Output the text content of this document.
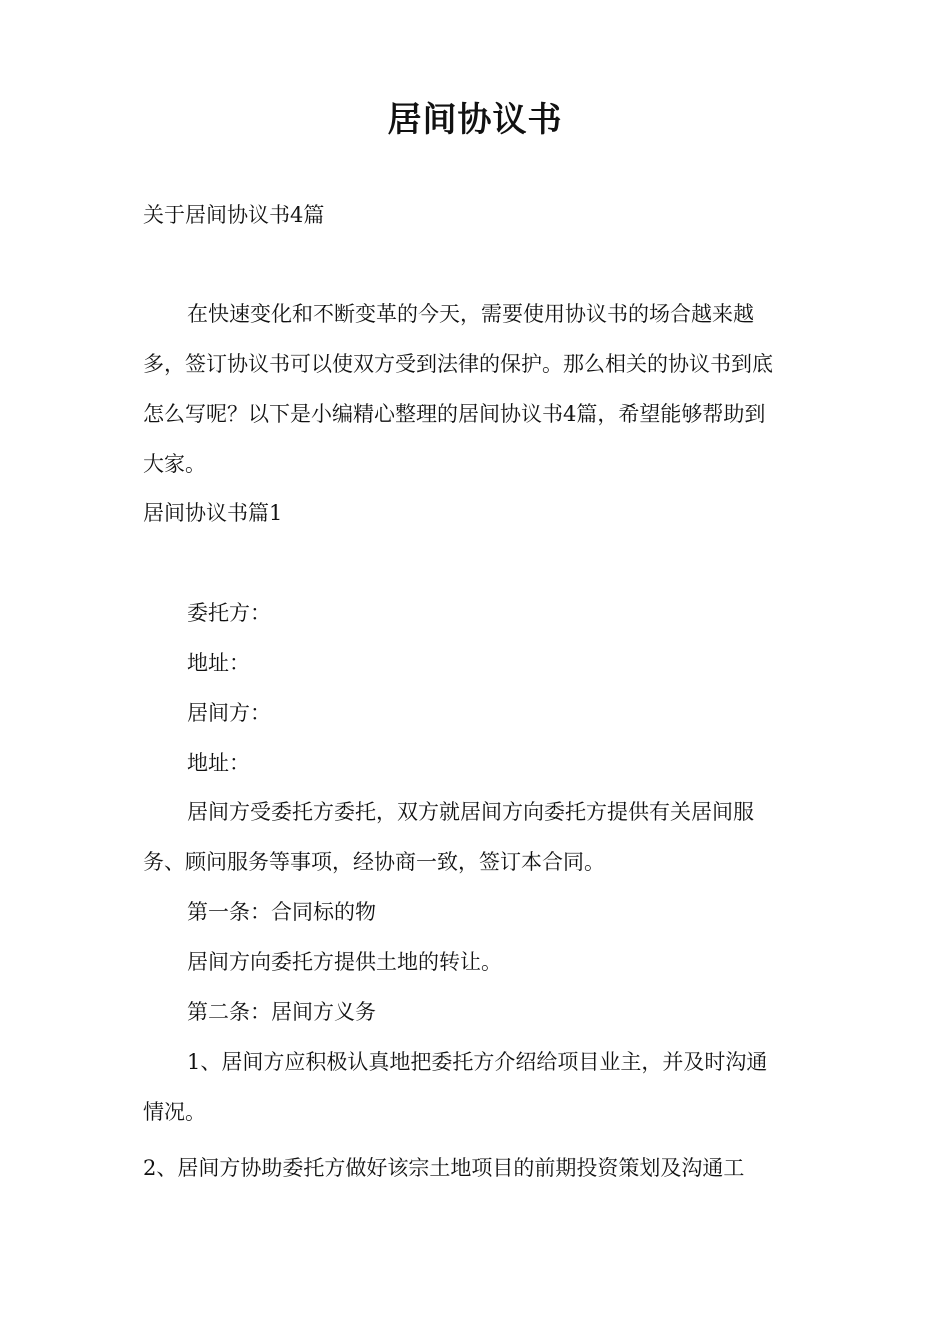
居间协议书
关于居间协议书4篇
在快速变化和不断变革的今天，需要使用协议书的场合越来越
多，签订协议书可以使双方受到法律的保护。那么相关的协议书到底
怎么写呢？以下是小编精心整理的居间协议书4篇，希望能够帮助到
大家。
居间协议书篇1
委托方：
地址：
居间方：
地址：
居间方受委托方委托，双方就居间方向委托方提供有关居间服
务、顾问服务等事项，经协商一致，签订本合同。
第一条：合同标的物
居间方向委托方提供土地的转让。
第二条：居间方义务
1、居间方应积极认真地把委托方介绍给项目业主，并及时沟通
情况。
2、居间方协助委托方做好该宗土地项目的前期投资策划及沟通工
